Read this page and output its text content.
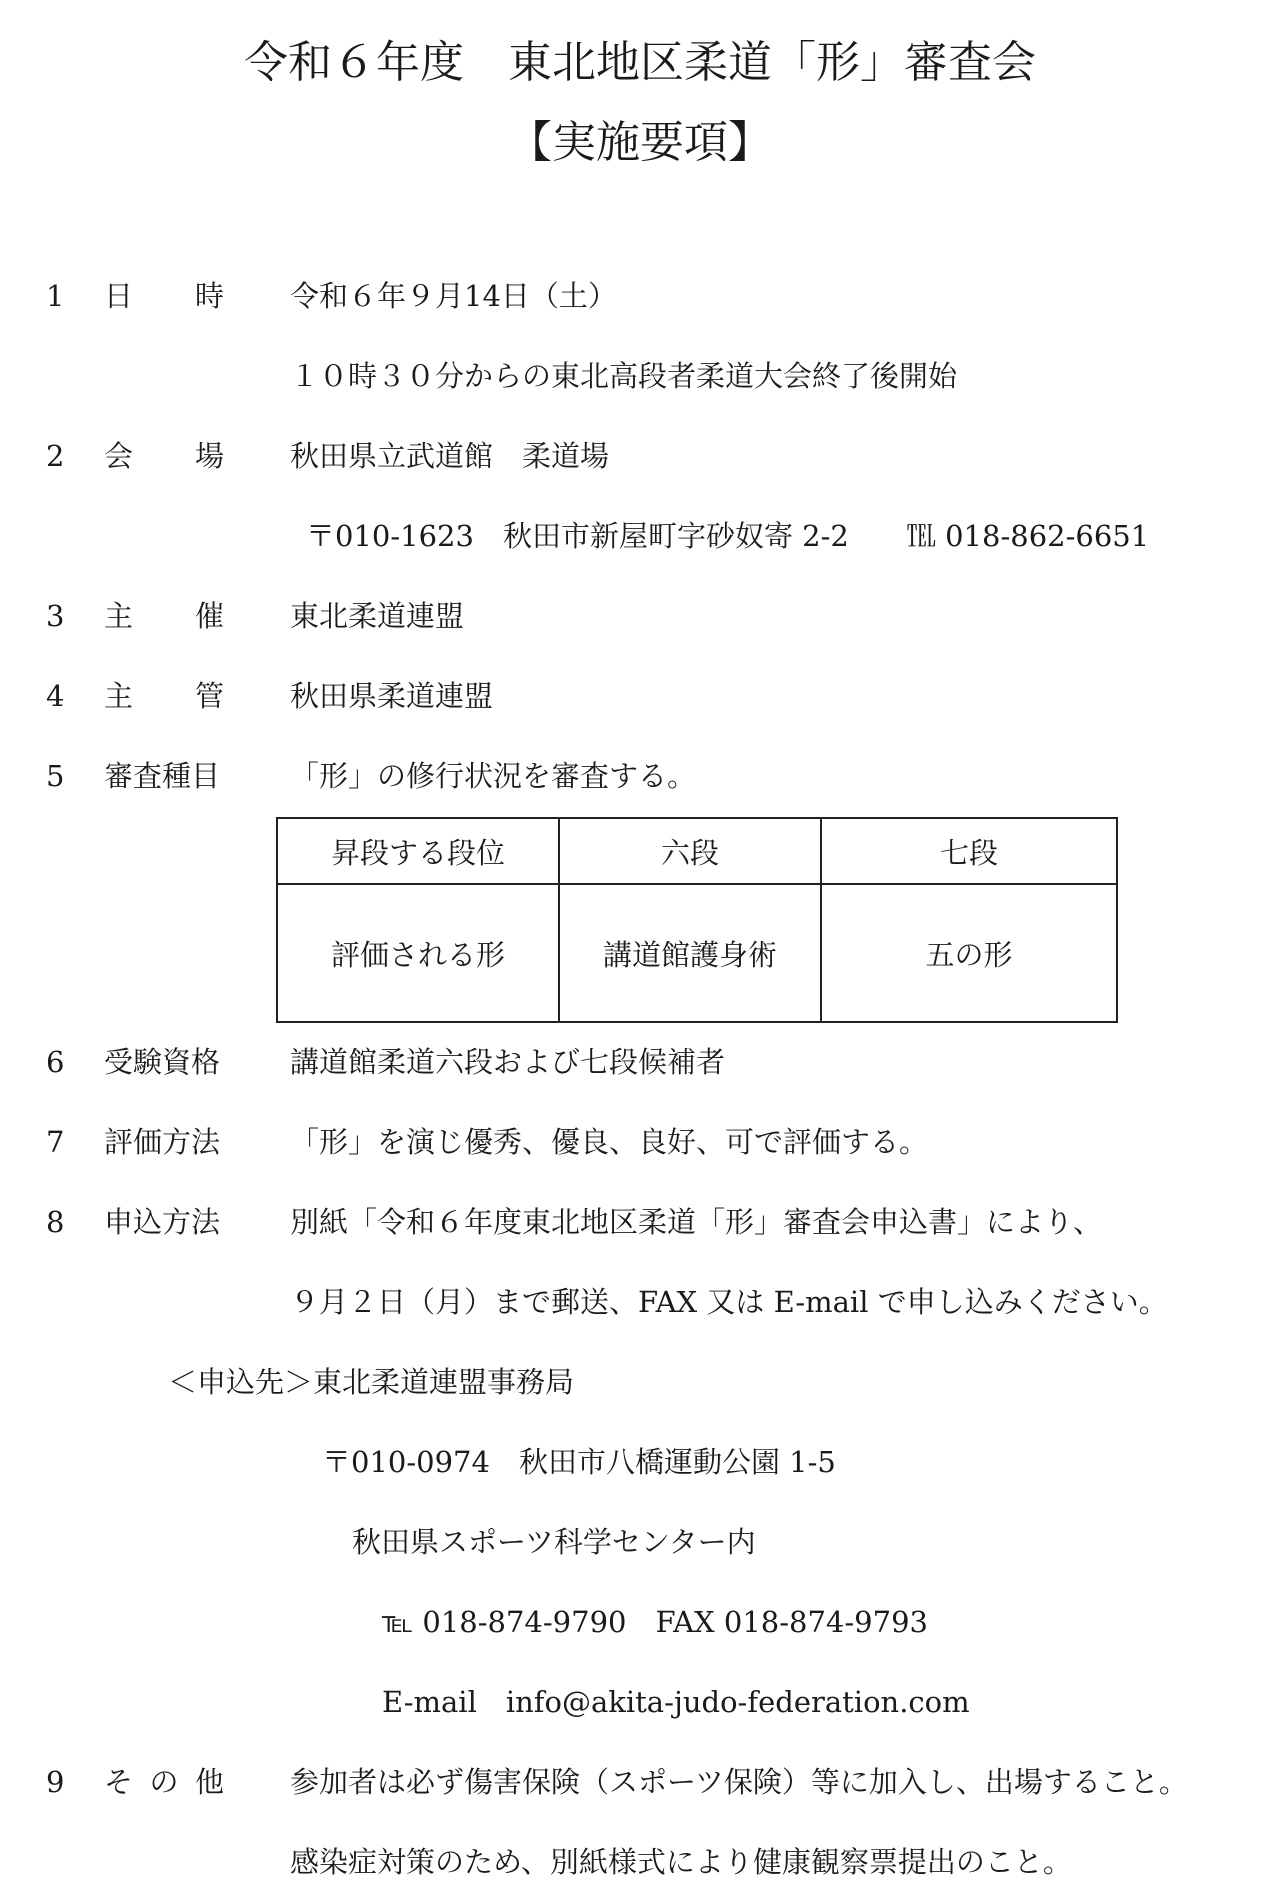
令和６年度　東北地区柔道「形」審査会
【実施要項】
1 日 時 令和６年９月14日（土）
１０時３０分からの東北高段者柔道大会終了後開始
2 会 場 秋田県立武道館　柔道場
〒010-1623　秋田市新屋町字砂奴寄 2-2　　℡ 018-862-6651
3 主 催 東北柔道連盟
4 主 管 秋田県柔道連盟
5 審査種目 「形」の修行状況を審査する。
昇段する段位	六段	七段
評価される形	講道館護身術	五の形
6 受験資格 講道館柔道六段および七段候補者
7 評価方法 「形」を演じ優秀、優良、良好、可で評価する。
8 申込方法 別紙「令和６年度東北地区柔道「形」審査会申込書」により、
９月２日（月）まで郵送、FAX 又は E-mail で申し込みください。
＜申込先＞東北柔道連盟事務局
〒010-0974　秋田市八橋運動公園 1-5
秋田県スポーツ科学センター内
℡ 018-874-9790　FAX 018-874-9793
E-mail　info@akita-judo-federation.com
9 そ の 他 参加者は必ず傷害保険（スポーツ保険）等に加入し、出場すること。
感染症対策のため、別紙様式により健康観察票提出のこと。
